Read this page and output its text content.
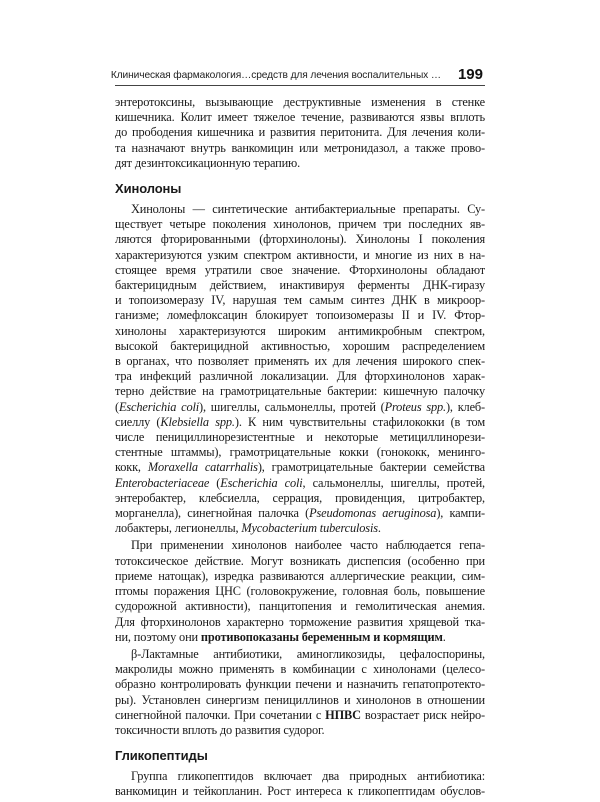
Клиническая фармакология…средств для лечения воспалительных … 199

энтеротоксины, вызывающие деструктивные изменения в стенке
кишечника. Колит имеет тяжелое течение, развиваются язвы вплоть
до прободения кишечника и развития перитонита. Для лечения коли-
та назначают внутрь ванкомицин или метронидазол, а также прово-
дят дезинтоксикационную терапию.

Хинолоны

Хинолоны — синтетические антибактериальные препараты. Су-
ществует четыре поколения хинолонов, причем три последних яв-
ляются фторированными (фторхинолоны). Хинолоны I поколения
характеризуются узким спектром активности, и многие из них в на-
стоящее время утратили свое значение. Фторхинолоны обладают
бактерицидным действием, инактивируя ферменты ДНК-гиразу
и топоизомеразу IV, нарушая тем самым синтез ДНК в микроор-
ганизме; ломефлоксацин блокирует топоизомеразы II и IV. Фтор-
хинолоны характеризуются широким антимикробным спектром,
высокой бактерицидной активностью, хорошим распределением
в органах, что позволяет применять их для лечения широкого спек-
тра инфекций различной локализации. Для фторхинолонов харак-
терно действие на грамотрицательные бактерии: кишечную палочку
(Escherichia coli), шигеллы, сальмонеллы, протей (Proteus spp.), клеб-
сиеллу (Klebsiella spp.). К ним чувствительны стафилококки (в том
числе пенициллинорезистентные и некоторые метициллинорези-
стентные штаммы), грамотрицательные кокки (гонококк, менинго-
кокк, Moraxella catarrhalis), грамотрицательные бактерии семейства
Enterobacteriaceae (Escherichia coli, сальмонеллы, шигеллы, протей,
энтеробактер, клебсиелла, серрация, провиденция, цитробактер,
морганелла), синегнойная палочка (Pseudomonas aeruginosa), кампи-
лобактеры, легионеллы, Mycobacterium tuberculosis.

При применении хинолонов наиболее часто наблюдается гепа-
тотоксическое действие. Могут возникать диспепсия (особенно при
приеме натощак), изредка развиваются аллергические реакции, сим-
птомы поражения ЦНС (головокружение, головная боль, повышение
судорожной активности), панцитопения и гемолитическая анемия.
Для фторхинолонов характерно торможение развития хрящевой тка-
ни, поэтому они противопоказаны беременным и кормящим.

β-Лактамные антибиотики, аминогликозиды, цефалоспорины,
макролиды можно применять в комбинации с хинолонами (целесо-
образно контролировать функции печени и назначить гепатопротекто-
ры). Установлен синергизм пенициллинов и хинолонов в отношении
синегнойной палочки. При сочетании с НПВС возрастает риск нейро-
токсичности вплоть до развития судорог.

Гликопептиды

Группа гликопептидов включает два природных антибиотика:
ванкомицин и тейкопланин. Рост интереса к гликопептидам обуслов-
